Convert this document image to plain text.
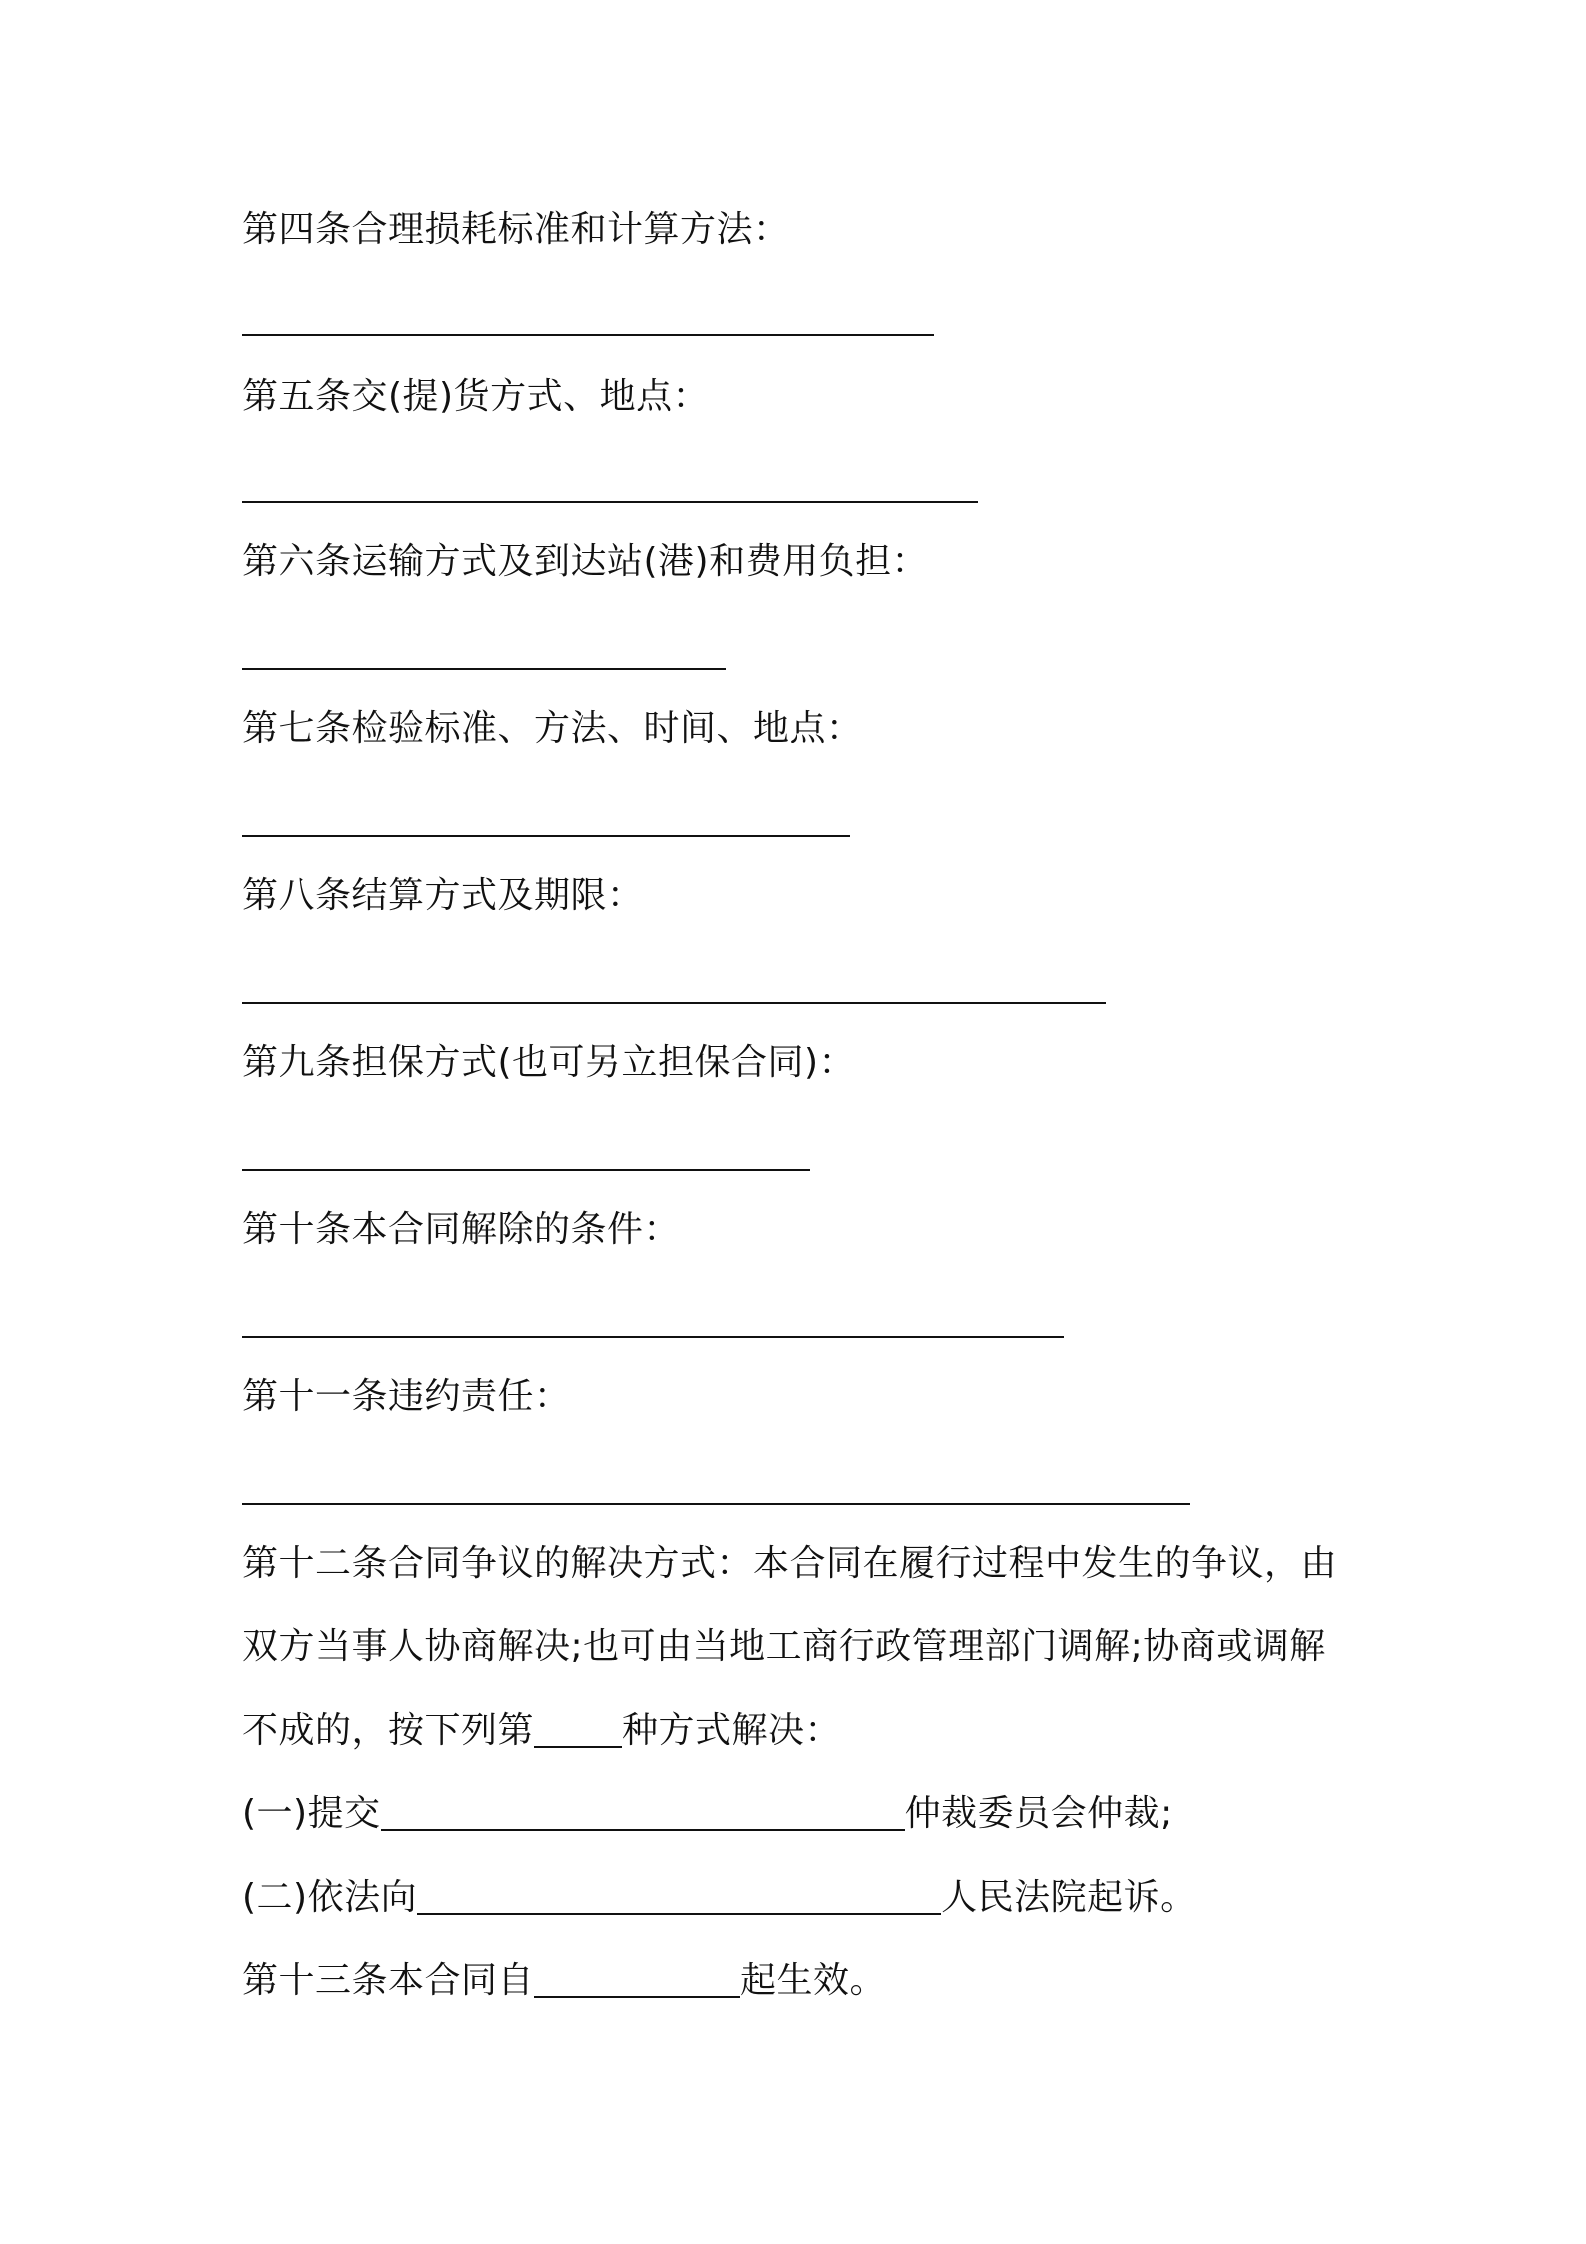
第四条合理损耗标准和计算方法：
第五条交(提)货方式、地点：
第六条运输方式及到达站(港)和费用负担：
第七条检验标准、方法、时间、地点：
第八条结算方式及期限：
第九条担保方式(也可另立担保合同)：
第十条本合同解除的条件：
第十一条违约责任：
第十二条合同争议的解决方式：本合同在履行过程中发生的争议，由
双方当事人协商解决;也可由当地工商行政管理部门调解;协商或调解
不成的，按下列第 种方式解决：
(一)提交	仲裁委员会仲裁;
(二)依法向	人民法院起诉。
第十三条本合同自	起生效。
